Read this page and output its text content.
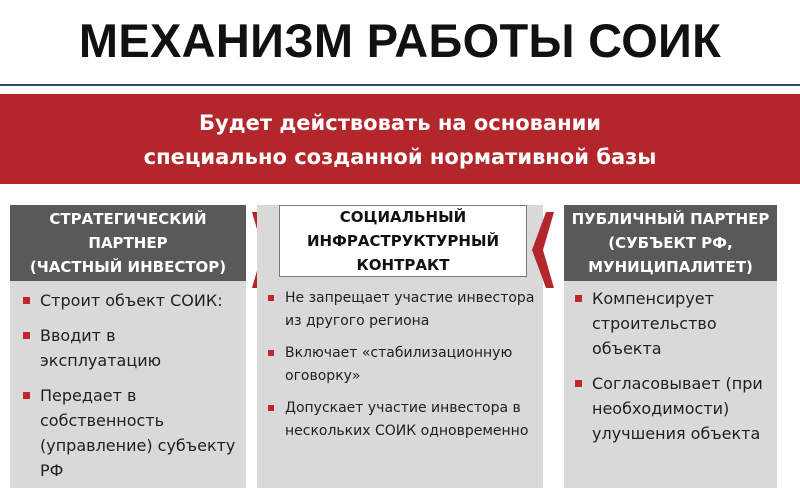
МЕХАНИЗМ РАБОТЫ СОИК
Будет действовать на основании
специально созданной нормативной базы
СТРАТЕГИЧЕСКИЙ
ПАРТНЕР
(ЧАСТНЫЙ ИНВЕСТОР)
Строит объект СОИК:
Вводит в эксплуатацию
Передает в собственность (управление) субъекту РФ
СОЦИАЛЬНЫЙ
ИНФРАСТРУКТУРНЫЙ
КОНТРАКТ
Не запрещает участие инвестора из другого региона
Включает «стабилизационную оговорку»
Допускает участие инвестора в нескольких СОИК одновременно
ПУБЛИЧНЫЙ ПАРТНЕР
(СУБЪЕКТ РФ,
МУНИЦИПАЛИТЕТ)
Компенсирует строительство объекта
Согласовывает (при необходимости) улучшения объекта
